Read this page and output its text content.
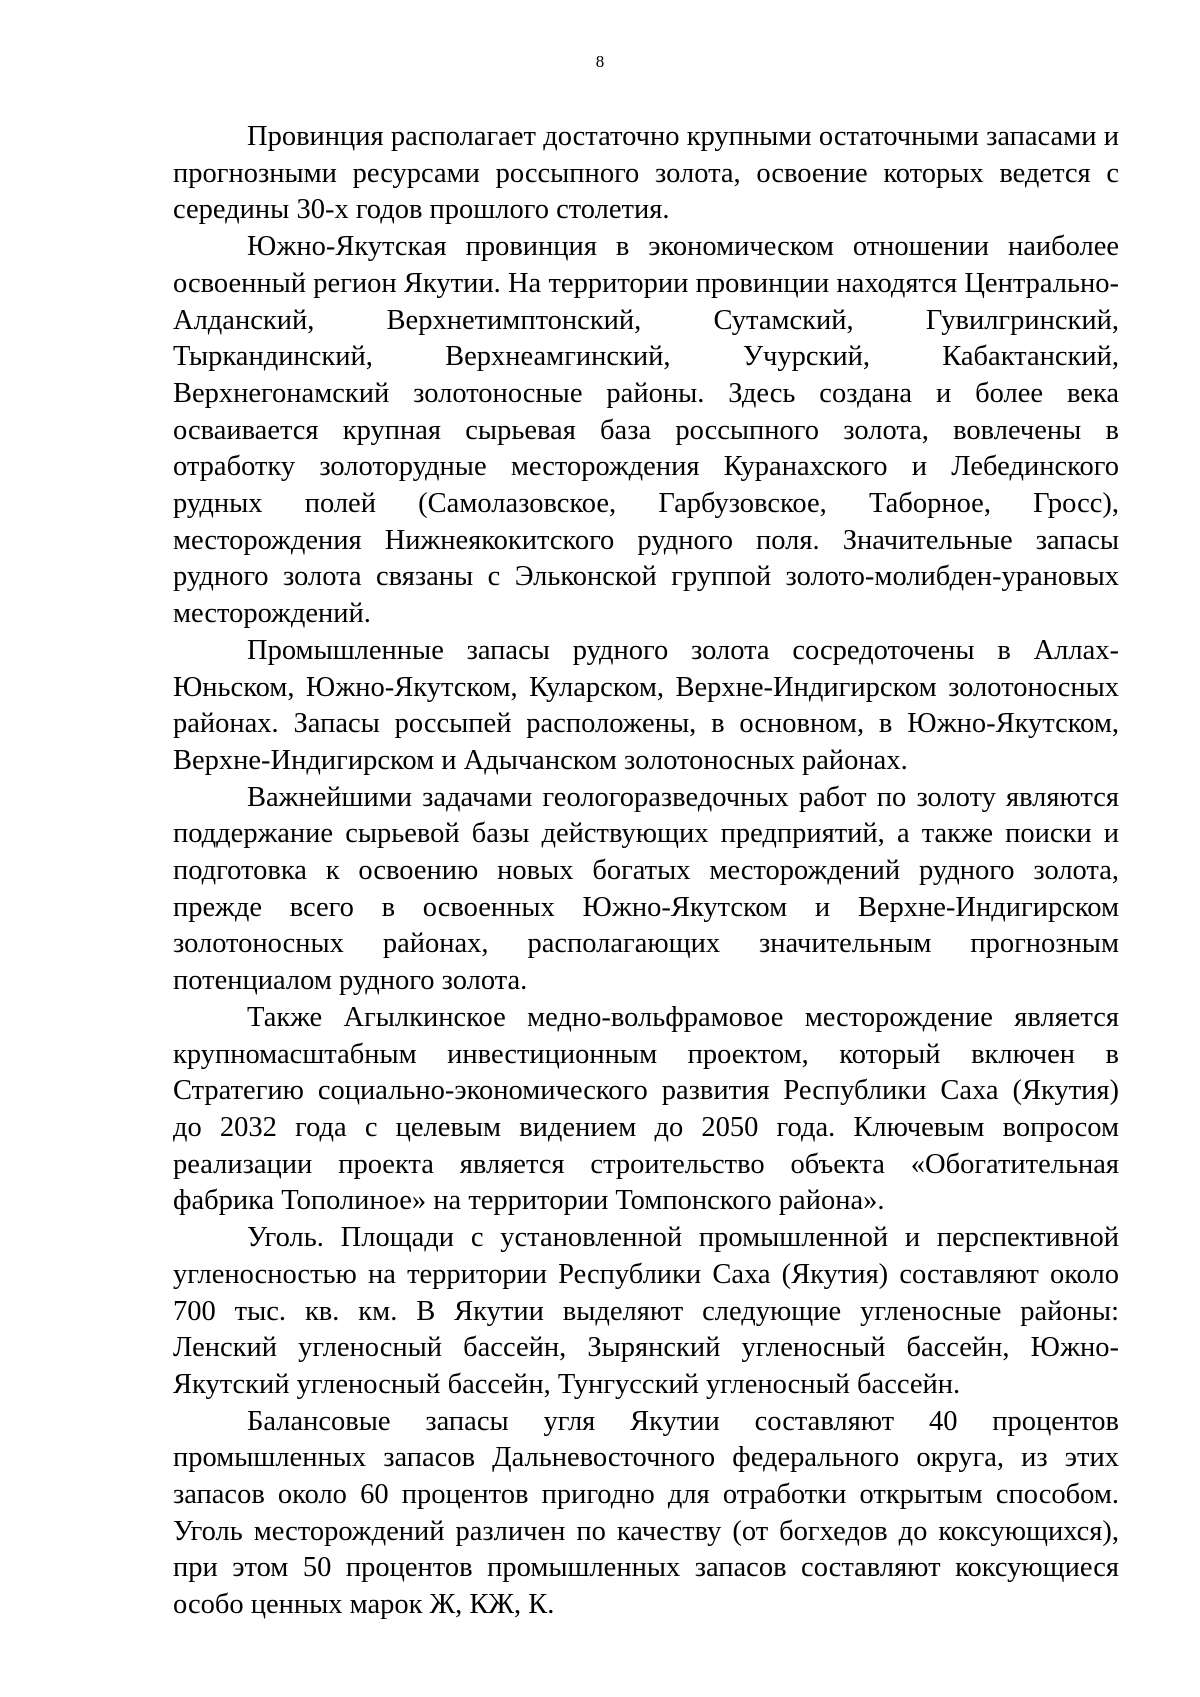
8

Провинция располагает достаточно крупными остаточными запасами и прогнозными ресурсами россыпного золота, освоение которых ведется с середины 30-х годов прошлого столетия.

Южно-Якутская провинция в экономическом отношении наиболее освоенный регион Якутии. На территории провинции находятся Центрально-Алданский, Верхнетимптонский, Сутамский, Гувилгринский, Тыркандинский, Верхнеамгинский, Учурский, Кабактанский, Верхнегонамский золотоносные районы. Здесь создана и более века осваивается крупная сырьевая база россыпного золота, вовлечены в отработку золоторудные месторождения Куранахского и Лебединского рудных полей (Самолазовское, Гарбузовское, Таборное, Гросс), месторождения Нижнеякокитского рудного поля. Значительные запасы рудного золота связаны с Эльконской группой золото-молибден-урановых месторождений.

Промышленные запасы рудного золота сосредоточены в Аллах-Юньском, Южно-Якутском, Куларском, Верхне-Индигирском золотоносных районах. Запасы россыпей расположены, в основном, в Южно-Якутском, Верхне-Индигирском и Адычанском золотоносных районах.

Важнейшими задачами геологоразведочных работ по золоту являются поддержание сырьевой базы действующих предприятий, а также поиски и подготовка к освоению новых богатых месторождений рудного золота, прежде всего в освоенных Южно-Якутском и Верхне-Индигирском золотоносных районах, располагающих значительным прогнозным потенциалом рудного золота.

Также Агылкинское медно-вольфрамовое месторождение является крупномасштабным инвестиционным проектом, который включен в Стратегию социально-экономического развития Республики Саха (Якутия) до 2032 года с целевым видением до 2050 года. Ключевым вопросом реализации проекта является строительство объекта «Обогатительная фабрика Тополиное» на территории Томпонского района».

Уголь. Площади с установленной промышленной и перспективной угленосностью на территории Республики Саха (Якутия) составляют около 700 тыс. кв. км. В Якутии выделяют следующие угленосные районы: Ленский угленосный бассейн, Зырянский угленосный бассейн, Южно-Якутский угленосный бассейн, Тунгусский угленосный бассейн.

Балансовые запасы угля Якутии составляют 40 процентов промышленных запасов Дальневосточного федерального округа, из этих запасов около 60 процентов пригодно для отработки открытым способом. Уголь месторождений различен по качеству (от богхедов до коксующихся), при этом 50 процентов промышленных запасов составляют коксующиеся особо ценных марок Ж, КЖ, К.
